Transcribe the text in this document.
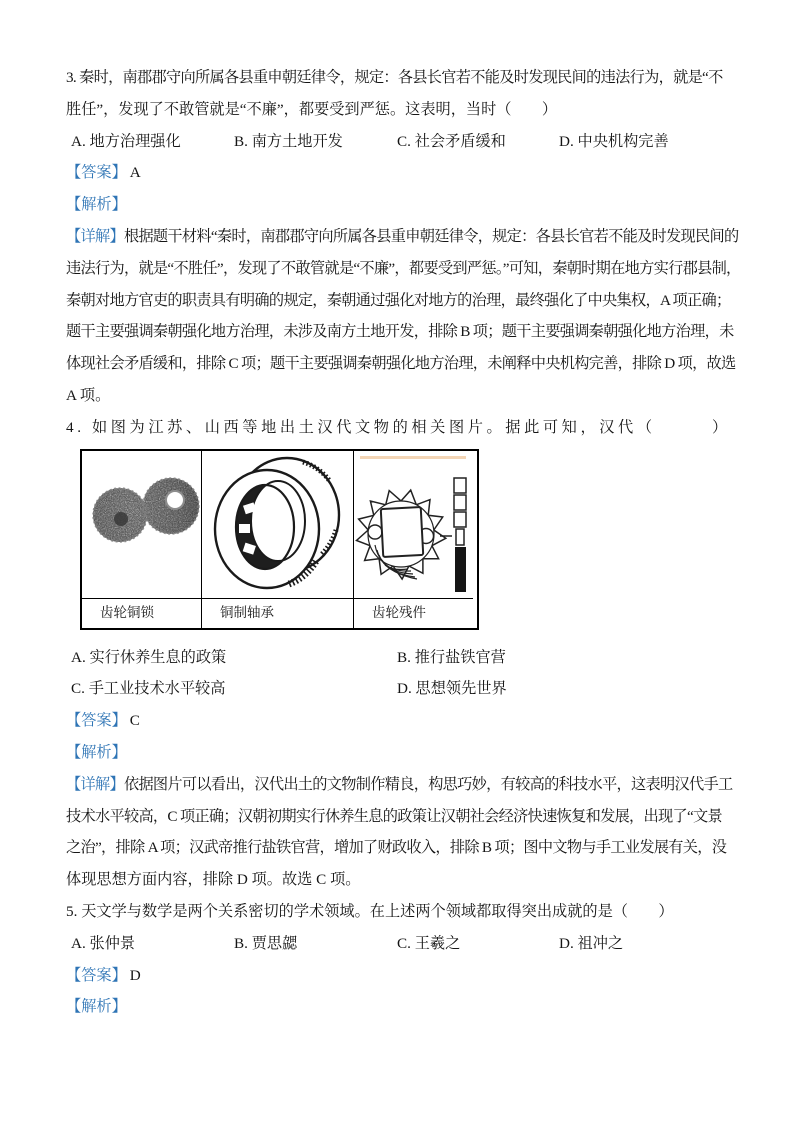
3. 秦时，南郡郡守向所属各县重申朝廷律令，规定：各县长官若不能及时发现民间的违法行为，就是“不
胜任”，发现了不敢管就是“不廉”，都要受到严惩。这表明，当时（　　）
A. 地方治理强化	B. 南方土地开发	C. 社会矛盾缓和	D. 中央机构完善
【答案】 A
【解析】
【详解】根据题干材料“秦时，南郡郡守向所属各县重申朝廷律令，规定：各县长官若不能及时发现民间的
违法行为，就是“不胜任”，发现了不敢管就是“不廉”，都要受到严惩。”可知，秦朝时期在地方实行郡县制，
秦朝对地方官吏的职责具有明确的规定，秦朝通过强化对地方的治理，最终强化了中央集权，A 项正确；
题干主要强调秦朝强化地方治理，未涉及南方土地开发，排除 B 项；题干主要强调秦朝强化地方治理，未
体现社会矛盾缓和，排除 C 项；题干主要强调秦朝强化地方治理，未阐释中央机构完善，排除 D 项，故选
A 项。
4. 如图为江苏、山西等地出土汉代文物的相关图片。据此可知，汉代（　　　）
齿轮铜锁	铜制轴承	齿轮残件
A. 实行休养生息的政策	B. 推行盐铁官营
C. 手工业技术水平较高	D. 思想领先世界
【答案】 C
【解析】
【详解】依据图片可以看出，汉代出土的文物制作精良，构思巧妙，有较高的科技水平，这表明汉代手工
技术水平较高，C 项正确；汉朝初期实行休养生息的政策让汉朝社会经济快速恢复和发展，出现了“文景
之治”，排除 A 项；汉武帝推行盐铁官营，增加了财政收入，排除 B 项；图中文物与手工业发展有关，没
体现思想方面内容，排除 D 项。故选 C 项。
5. 天文学与数学是两个关系密切的学术领域。在上述两个领域都取得突出成就的是（　　）
A. 张仲景	B. 贾思勰	C. 王羲之	D. 祖冲之
【答案】 D
【解析】
